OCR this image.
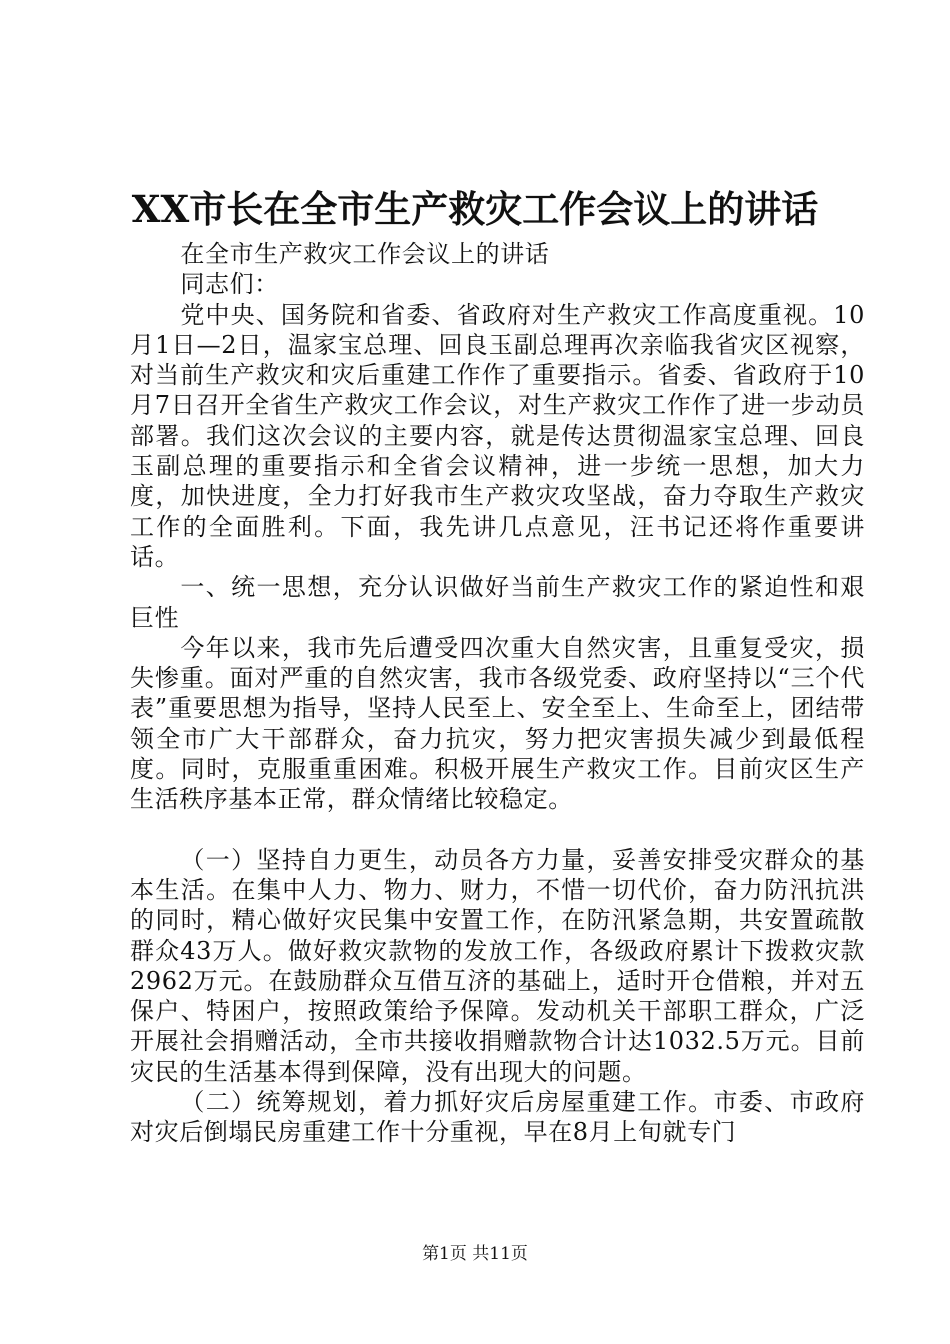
XX市长在全市生产救灾工作会议上的讲话

在全市生产救灾工作会议上的讲话

同志们：

党中央、国务院和省委、省政府对生产救灾工作高度重视。10月1日—2日，温家宝总理、回良玉副总理再次亲临我省灾区视察，对当前生产救灾和灾后重建工作作了重要指示。省委、省政府于10月7日召开全省生产救灾工作会议，对生产救灾工作作了进一步动员部署。我们这次会议的主要内容，就是传达贯彻温家宝总理、回良玉副总理的重要指示和全省会议精神，进一步统一思想，加大力度，加快进度，全力打好我市生产救灾攻坚战，奋力夺取生产救灾工作的全面胜利。下面，我先讲几点意见，汪书记还将作重要讲话。

一、统一思想，充分认识做好当前生产救灾工作的紧迫性和艰巨性

今年以来，我市先后遭受四次重大自然灾害，且重复受灾，损失惨重。面对严重的自然灾害，我市各级党委、政府坚持以“三个代表”重要思想为指导，坚持人民至上、安全至上、生命至上，团结带领全市广大干部群众，奋力抗灾，努力把灾害损失减少到最低程度。同时，克服重重困难。积极开展生产救灾工作。目前灾区生产生活秩序基本正常，群众情绪比较稳定。

（一）坚持自力更生，动员各方力量，妥善安排受灾群众的基本生活。在集中人力、物力、财力，不惜一切代价，奋力防汛抗洪的同时，精心做好灾民集中安置工作，在防汛紧急期，共安置疏散群众43万人。做好救灾款物的发放工作，各级政府累计下拨救灾款2962万元。在鼓励群众互借互济的基础上，适时开仓借粮，并对五保户、特困户，按照政策给予保障。发动机关干部职工群众，广泛开展社会捐赠活动，全市共接收捐赠款物合计达1032.5万元。目前灾民的生活基本得到保障，没有出现大的问题。

（二）统筹规划，着力抓好灾后房屋重建工作。市委、市政府对灾后倒塌民房重建工作十分重视，早在8月上旬就专门

第1页 共11页
